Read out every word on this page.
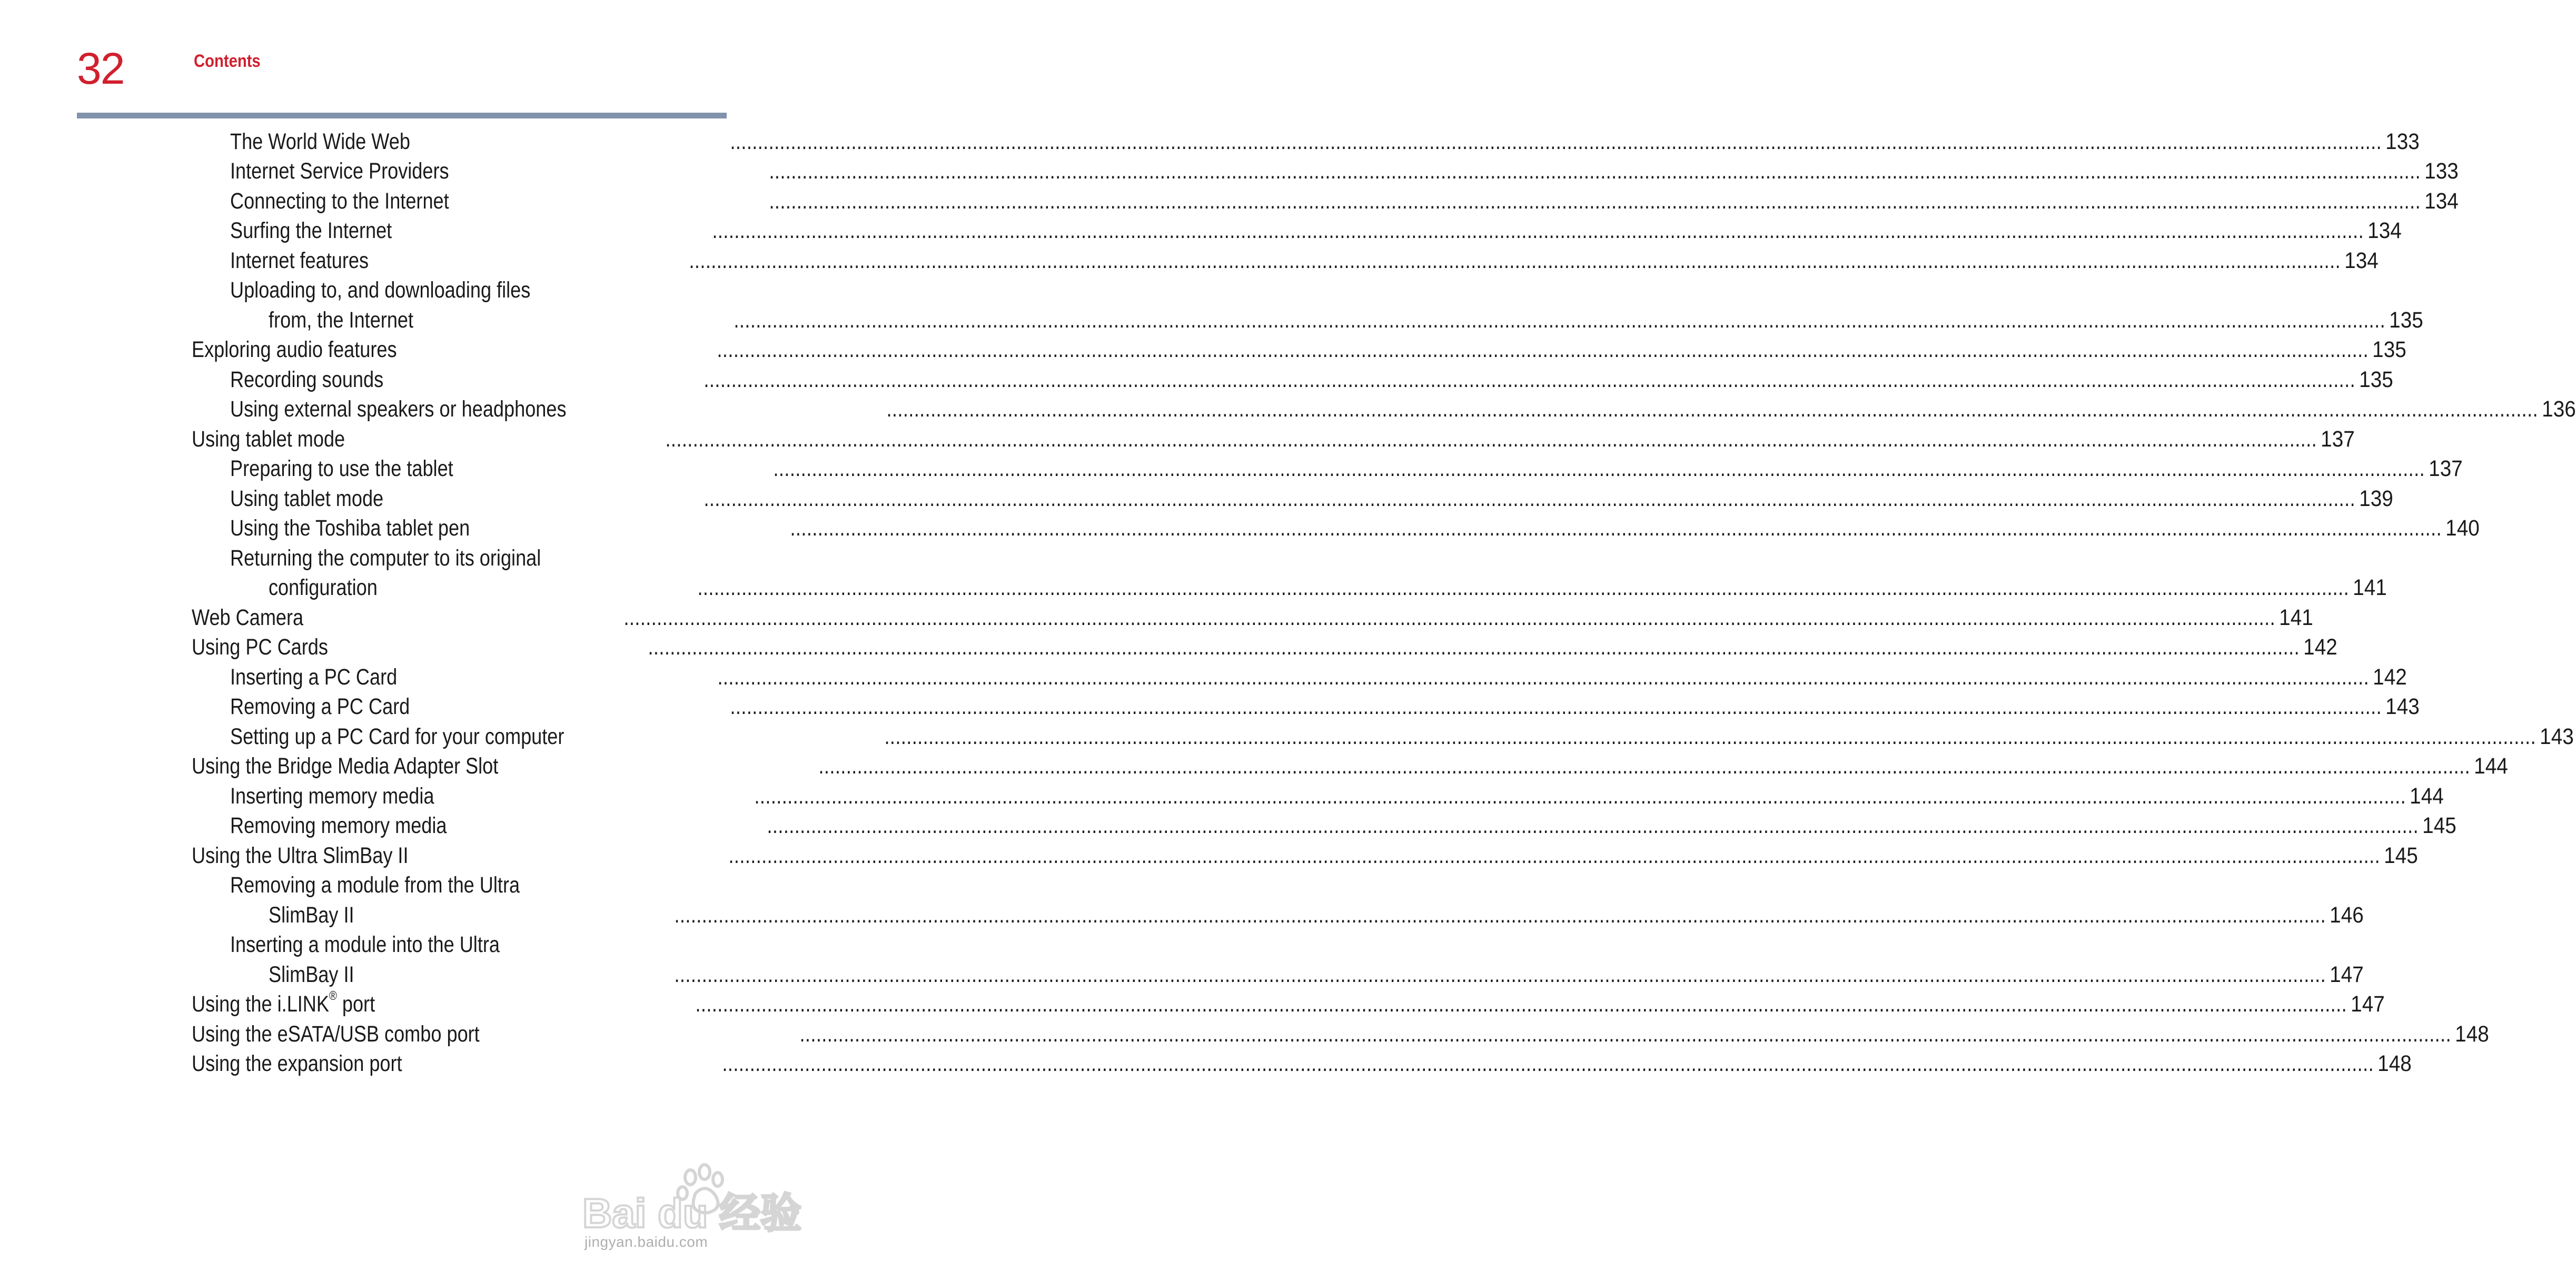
32	Contents
The World Wide Web	............................................................................................................................................................................................................................................................................................................ 133
Internet Service Providers	............................................................................................................................................................................................................................................................................................................ 133
Connecting to the Internet	............................................................................................................................................................................................................................................................................................................ 134
Surfing the Internet	............................................................................................................................................................................................................................................................................................................ 134
Internet features	............................................................................................................................................................................................................................................................................................................ 134
Uploading to, and downloading files
from, the Internet	............................................................................................................................................................................................................................................................................................................ 135
Exploring audio features	............................................................................................................................................................................................................................................................................................................ 135
Recording sounds	............................................................................................................................................................................................................................................................................................................ 135
Using external speakers or headphones	............................................................................................................................................................................................................................................................................................................ 136
Using tablet mode	............................................................................................................................................................................................................................................................................................................ 137
Preparing to use the tablet	............................................................................................................................................................................................................................................................................................................ 137
Using tablet mode	............................................................................................................................................................................................................................................................................................................ 139
Using the Toshiba tablet pen	............................................................................................................................................................................................................................................................................................................ 140
Returning the computer to its original
configuration	............................................................................................................................................................................................................................................................................................................ 141
Web Camera	............................................................................................................................................................................................................................................................................................................ 141
Using PC Cards	............................................................................................................................................................................................................................................................................................................ 142
Inserting a PC Card	............................................................................................................................................................................................................................................................................................................ 142
Removing a PC Card	............................................................................................................................................................................................................................................................................................................ 143
Setting up a PC Card for your computer	............................................................................................................................................................................................................................................................................................................ 143
Using the Bridge Media Adapter Slot	............................................................................................................................................................................................................................................................................................................ 144
Inserting memory media	............................................................................................................................................................................................................................................................................................................ 144
Removing memory media	............................................................................................................................................................................................................................................................................................................ 145
Using the Ultra SlimBay II	............................................................................................................................................................................................................................................................................................................ 145
Removing a module from the Ultra
SlimBay II	............................................................................................................................................................................................................................................................................................................ 146
Inserting a module into the Ultra
SlimBay II	............................................................................................................................................................................................................................................................................................................ 147
Using the i.LINK® port	............................................................................................................................................................................................................................................................................................................ 147
Using the eSATA/USB combo port	............................................................................................................................................................................................................................................................................................................ 148
Using the expansion port	............................................................................................................................................................................................................................................................................................................ 148
Bai du 经验
jingyan.baidu.com
